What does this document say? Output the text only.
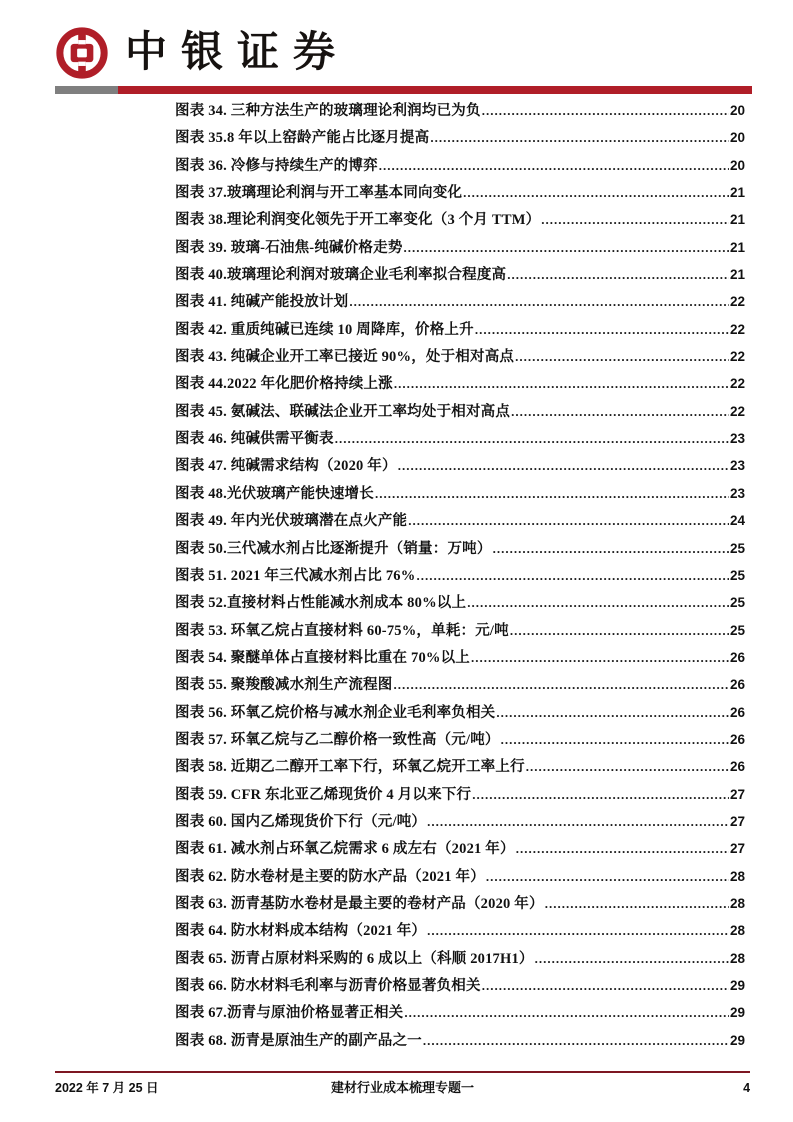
中银证券
图表 34. 三种方法生产的玻璃理论利润均已为负 .....	20
图表 35.8 年以上窑龄产能占比逐月提高 .....	20
图表 36. 冷修与持续生产的博弈 .....	20
图表 37.玻璃理论利润与开工率基本同向变化 .....	21
图表 38.理论利润变化领先于开工率变化（3 个月 TTM） .....	21
图表 39. 玻璃-石油焦-纯碱价格走势 .....	21
图表 40.玻璃理论利润对玻璃企业毛利率拟合程度高 .....	21
图表 41. 纯碱产能投放计划 .....	22
图表 42. 重质纯碱已连续 10 周降库，价格上升 .....	22
图表 43. 纯碱企业开工率已接近 90%，处于相对高点 .....	22
图表 44.2022 年化肥价格持续上涨 .....	22
图表 45. 氨碱法、联碱法企业开工率均处于相对高点 .....	22
图表 46. 纯碱供需平衡表 .....	23
图表 47. 纯碱需求结构（2020 年） .....	23
图表 48.光伏玻璃产能快速增长 .....	23
图表 49. 年内光伏玻璃潜在点火产能 .....	24
图表 50.三代减水剂占比逐渐提升（销量：万吨） .....	25
图表 51. 2021 年三代减水剂占比 76% .....	25
图表 52.直接材料占性能减水剂成本 80%以上 .....	25
图表 53. 环氧乙烷占直接材料 60-75%，单耗：元/吨 .....	25
图表 54. 聚醚单体占直接材料比重在 70%以上 .....	26
图表 55. 聚羧酸减水剂生产流程图 .....	26
图表 56. 环氧乙烷价格与减水剂企业毛利率负相关 .....	26
图表 57. 环氧乙烷与乙二醇价格一致性高（元/吨） .....	26
图表 58. 近期乙二醇开工率下行，环氧乙烷开工率上行 .....	26
图表 59. CFR 东北亚乙烯现货价 4 月以来下行 .....	27
图表 60. 国内乙烯现货价下行（元/吨） .....	27
图表 61. 减水剂占环氧乙烷需求 6 成左右（2021 年） .....	27
图表 62. 防水卷材是主要的防水产品（2021 年） .....	28
图表 63. 沥青基防水卷材是最主要的卷材产品（2020 年） .....	28
图表 64. 防水材料成本结构（2021 年） .....	28
图表 65. 沥青占原材料采购的 6 成以上（科顺 2017H1） .....	28
图表 66. 防水材料毛利率与沥青价格显著负相关 .....	29
图表 67.沥青与原油价格显著正相关 .....	29
图表 68. 沥青是原油生产的副产品之一 .....	29
2022 年 7 月 25 日	建材行业成本梳理专题一	4
